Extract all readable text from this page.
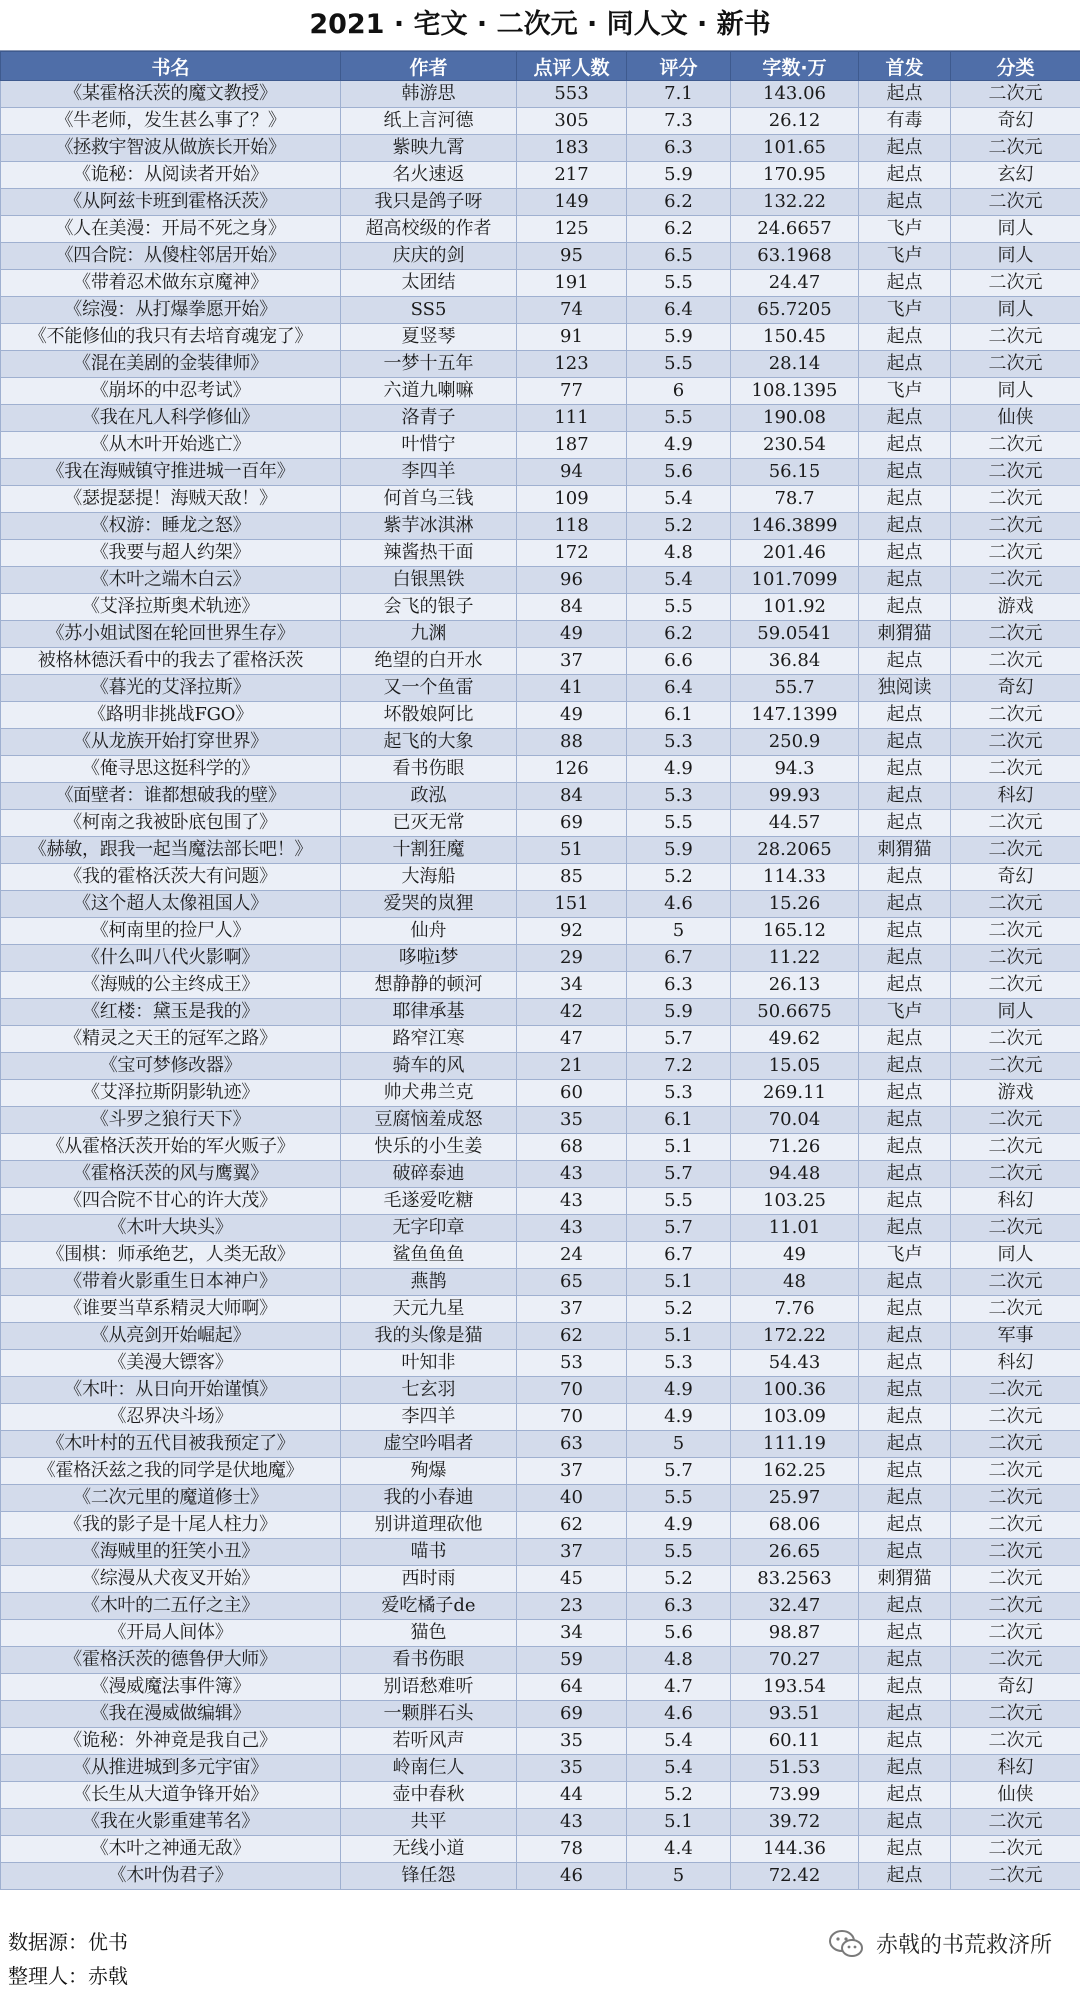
2021 · 宅文 · 二次元 · 同人文 · 新书
书名	作者	点评人数	评分	字数·万	首发	分类
《某霍格沃茨的魔文教授》	韩游思	553	7.1	143.06	起点	二次元
《牛老师，发生甚么事了？》	纸上言河德	305	7.3	26.12	有毒	奇幻
《拯救宇智波从做族长开始》	紫映九霄	183	6.3	101.65	起点	二次元
《诡秘：从阅读者开始》	名火速返	217	5.9	170.95	起点	玄幻
《从阿兹卡班到霍格沃茨》	我只是鸽子呀	149	6.2	132.22	起点	二次元
《人在美漫：开局不死之身》	超高校级的作者	125	6.2	24.6657	飞卢	同人
《四合院：从傻柱邻居开始》	庆庆的剑	95	6.5	63.1968	飞卢	同人
《带着忍术做东京魔神》	太团结	191	5.5	24.47	起点	二次元
《综漫：从打爆拳愿开始》	SS5	74	6.4	65.7205	飞卢	同人
《不能修仙的我只有去培育魂宠了》	夏竖琴	91	5.9	150.45	起点	二次元
《混在美剧的金装律师》	一梦十五年	123	5.5	28.14	起点	二次元
《崩坏的中忍考试》	六道九喇嘛	77	6	108.1395	飞卢	同人
《我在凡人科学修仙》	洛青子	111	5.5	190.08	起点	仙侠
《从木叶开始逃亡》	叶惜宁	187	4.9	230.54	起点	二次元
《我在海贼镇守推进城一百年》	李四羊	94	5.6	56.15	起点	二次元
《瑟提瑟提！海贼天敌！》	何首乌三钱	109	5.4	78.7	起点	二次元
《权游：睡龙之怒》	紫芋冰淇淋	118	5.2	146.3899	起点	二次元
《我要与超人约架》	辣酱热干面	172	4.8	201.46	起点	二次元
《木叶之端木白云》	白银黑铁	96	5.4	101.7099	起点	二次元
《艾泽拉斯奥术轨迹》	会飞的银子	84	5.5	101.92	起点	游戏
《苏小姐试图在轮回世界生存》	九渊	49	6.2	59.0541	刺猬猫	二次元
被格林德沃看中的我去了霍格沃茨	绝望的白开水	37	6.6	36.84	起点	二次元
《暮光的艾泽拉斯》	又一个鱼雷	41	6.4	55.7	独阅读	奇幻
《路明非挑战FGO》	坏骰娘阿比	49	6.1	147.1399	起点	二次元
《从龙族开始打穿世界》	起飞的大象	88	5.3	250.9	起点	二次元
《俺寻思这挺科学的》	看书伤眼	126	4.9	94.3	起点	二次元
《面壁者：谁都想破我的壁》	政泓	84	5.3	99.93	起点	科幻
《柯南之我被卧底包围了》	已灭无常	69	5.5	44.57	起点	二次元
《赫敏，跟我一起当魔法部长吧！》	十割狂魔	51	5.9	28.2065	刺猬猫	二次元
《我的霍格沃茨大有问题》	大海船	85	5.2	114.33	起点	奇幻
《这个超人太像祖国人》	爱哭的岚狸	151	4.6	15.26	起点	二次元
《柯南里的捡尸人》	仙舟	92	5	165.12	起点	二次元
《什么叫八代火影啊》	哆啦i梦	29	6.7	11.22	起点	二次元
《海贼的公主终成王》	想静静的顿河	34	6.3	26.13	起点	二次元
《红楼：黛玉是我的》	耶律承基	42	5.9	50.6675	飞卢	同人
《精灵之天王的冠军之路》	路窄江寒	47	5.7	49.62	起点	二次元
《宝可梦修改器》	骑车的风	21	7.2	15.05	起点	二次元
《艾泽拉斯阴影轨迹》	帅犬弗兰克	60	5.3	269.11	起点	游戏
《斗罗之狼行天下》	豆腐恼羞成怒	35	6.1	70.04	起点	二次元
《从霍格沃茨开始的军火贩子》	快乐的小生姜	68	5.1	71.26	起点	二次元
《霍格沃茨的风与鹰翼》	破碎泰迪	43	5.7	94.48	起点	二次元
《四合院不甘心的许大茂》	毛遂爱吃糖	43	5.5	103.25	起点	科幻
《木叶大块头》	无字印章	43	5.7	11.01	起点	二次元
《围棋：师承绝艺，人类无敌》	鲨鱼鱼鱼	24	6.7	49	飞卢	同人
《带着火影重生日本神户》	燕鹊	65	5.1	48	起点	二次元
《谁要当草系精灵大师啊》	天元九星	37	5.2	7.76	起点	二次元
《从亮剑开始崛起》	我的头像是猫	62	5.1	172.22	起点	军事
《美漫大镖客》	叶知非	53	5.3	54.43	起点	科幻
《木叶：从日向开始谨慎》	七玄羽	70	4.9	100.36	起点	二次元
《忍界决斗场》	李四羊	70	4.9	103.09	起点	二次元
《木叶村的五代目被我预定了》	虚空吟唱者	63	5	111.19	起点	二次元
《霍格沃兹之我的同学是伏地魔》	殉爆	37	5.7	162.25	起点	二次元
《二次元里的魔道修士》	我的小春迪	40	5.5	25.97	起点	二次元
《我的影子是十尾人柱力》	别讲道理砍他	62	4.9	68.06	起点	二次元
《海贼里的狂笑小丑》	喵书	37	5.5	26.65	起点	二次元
《综漫从犬夜叉开始》	西时雨	45	5.2	83.2563	刺猬猫	二次元
《木叶的二五仔之主》	爱吃橘子de	23	6.3	32.47	起点	二次元
《开局人间体》	猫色	34	5.6	98.87	起点	二次元
《霍格沃茨的德鲁伊大师》	看书伤眼	59	4.8	70.27	起点	二次元
《漫威魔法事件簿》	别语愁难听	64	4.7	193.54	起点	奇幻
《我在漫威做编辑》	一颗胖石头	69	4.6	93.51	起点	二次元
《诡秘：外神竟是我自己》	若听风声	35	5.4	60.11	起点	二次元
《从推进城到多元宇宙》	岭南仨人	35	5.4	51.53	起点	科幻
《长生从大道争锋开始》	壶中春秋	44	5.2	73.99	起点	仙侠
《我在火影重建苇名》	共平	43	5.1	39.72	起点	二次元
《木叶之神通无敌》	无线小道	78	4.4	144.36	起点	二次元
《木叶伪君子》	锋任怨	46	5	72.42	起点	二次元
数据源：优书
整理人：赤戟
赤戟的书荒救济所
